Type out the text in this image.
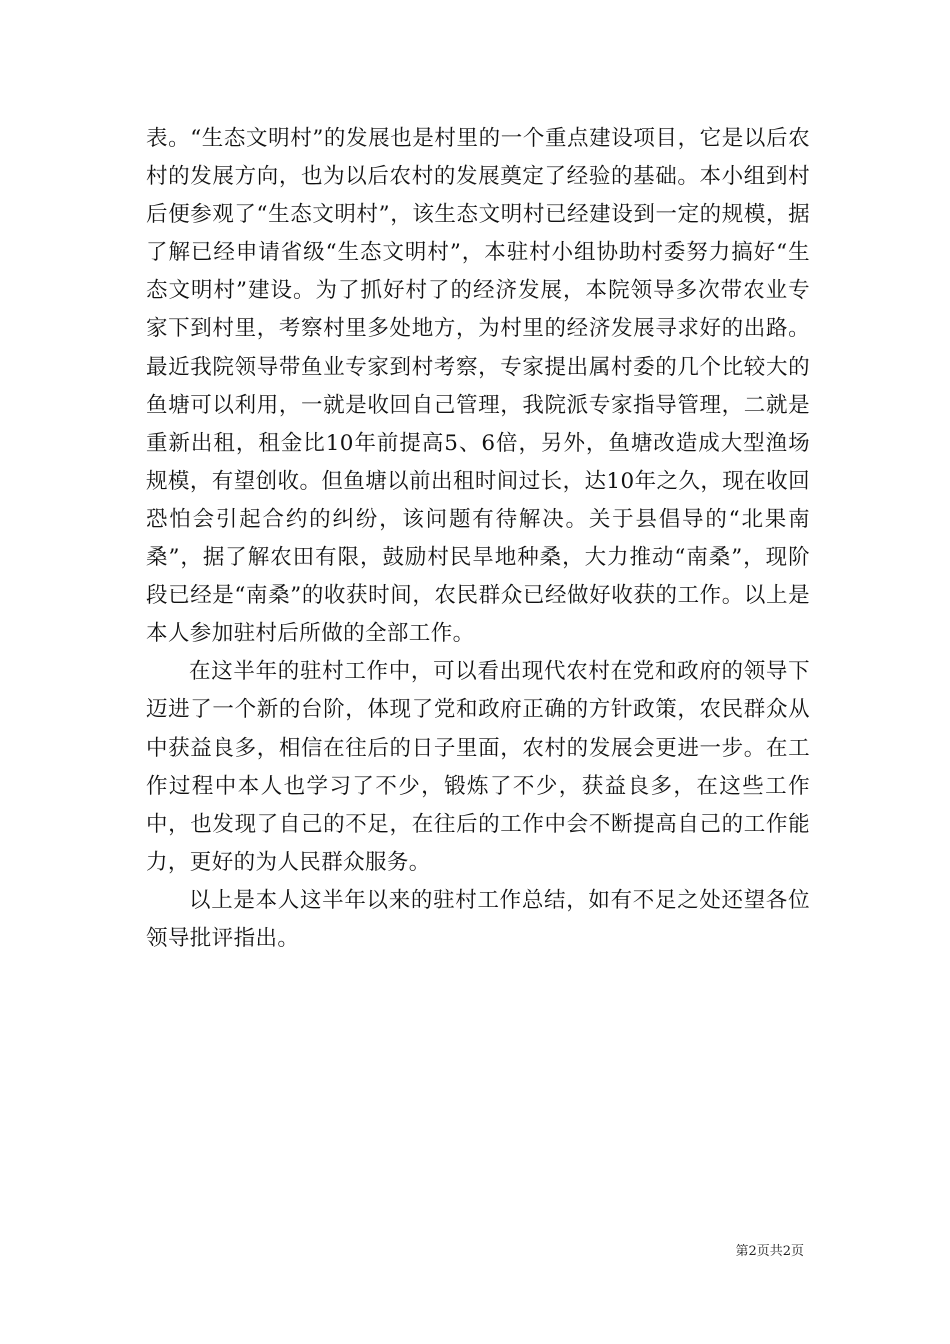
表。“生态文明村”的发展也是村里的一个重点建设项目，它是以后农村的发展方向，也为以后农村的发展奠定了经验的基础。本小组到村后便参观了“生态文明村”，该生态文明村已经建设到一定的规模，据了解已经申请省级“生态文明村”，本驻村小组协助村委努力搞好“生态文明村”建设。为了抓好村了的经济发展，本院领导多次带农业专家下到村里，考察村里多处地方，为村里的经济发展寻求好的出路。最近我院领导带鱼业专家到村考察，专家提出属村委的几个比较大的鱼塘可以利用，一就是收回自己管理，我院派专家指导管理，二就是重新出租，租金比10年前提高5、6倍，另外，鱼塘改造成大型渔场规模，有望创收。但鱼塘以前出租时间过长，达10年之久，现在收回恐怕会引起合约的纠纷，该问题有待解决。关于县倡导的“北果南桑”，据了解农田有限，鼓励村民旱地种桑，大力推动“南桑”，现阶段已经是“南桑”的收获时间，农民群众已经做好收获的工作。以上是本人参加驻村后所做的全部工作。

在这半年的驻村工作中，可以看出现代农村在党和政府的领导下迈进了一个新的台阶，体现了党和政府正确的方针政策，农民群众从中获益良多，相信在往后的日子里面，农村的发展会更进一步。在工作过程中本人也学习了不少，锻炼了不少，获益良多，在这些工作中，也发现了自己的不足，在往后的工作中会不断提高自己的工作能力，更好的为人民群众服务。

以上是本人这半年以来的驻村工作总结，如有不足之处还望各位领导批评指出。

第2页共2页
